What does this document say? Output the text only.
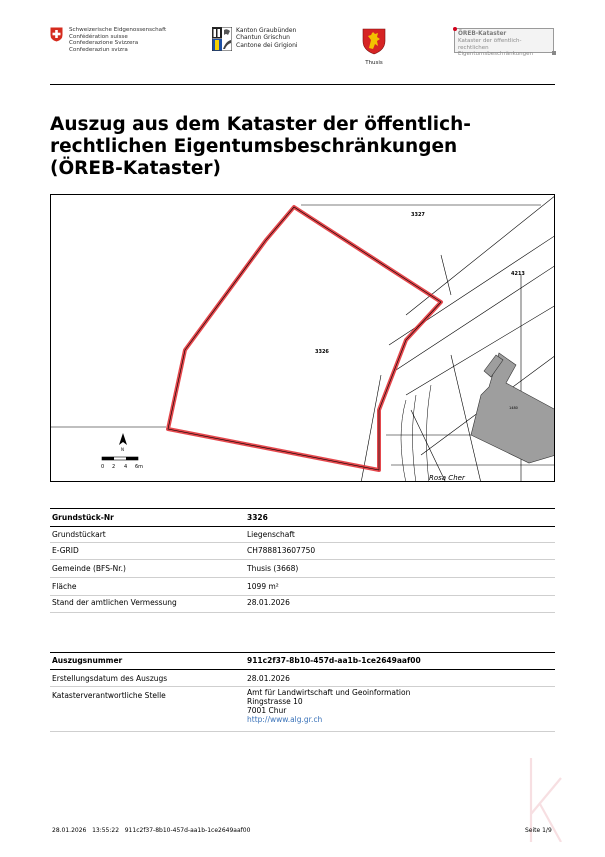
Schweizerische Eidgenossenschaft
Confédération suisse
Confederazione Svizzera
Confederaziun svizra
Kanton Graubünden
Chantun Grischun
Cantone dei Grigioni
Thusis
ÖREB-Kataster
Kataster der öffentlich-rechtlichen
Eigentumsbeschränkungen
Auszug aus dem Kataster der öffentlich-
rechtlichen Eigentumsbeschränkungen
(ÖREB-Kataster)
3327
4213
3326
1480
Rosa Cher
N
0 2 4 6m
Grundstück-Nr	3326
Grundstückart	Liegenschaft
E-GRID	CH788813607750
Gemeinde (BFS-Nr.)	Thusis (3668)
Fläche	1099 m²
Stand der amtlichen Vermessung	28.01.2026
Auszugsnummer	911c2f37-8b10-457d-aa1b-1ce2649aaf00
Erstellungsdatum des Auszugs	28.01.2026
Katasterverantwortliche Stelle	Amt für Landwirtschaft und Geoinformation
Ringstrasse 10
7001 Chur
http://www.alg.gr.ch
28.01.2026   13:55:22   911c2f37-8b10-457d-aa1b-1ce2649aaf00	Seite 1/9
